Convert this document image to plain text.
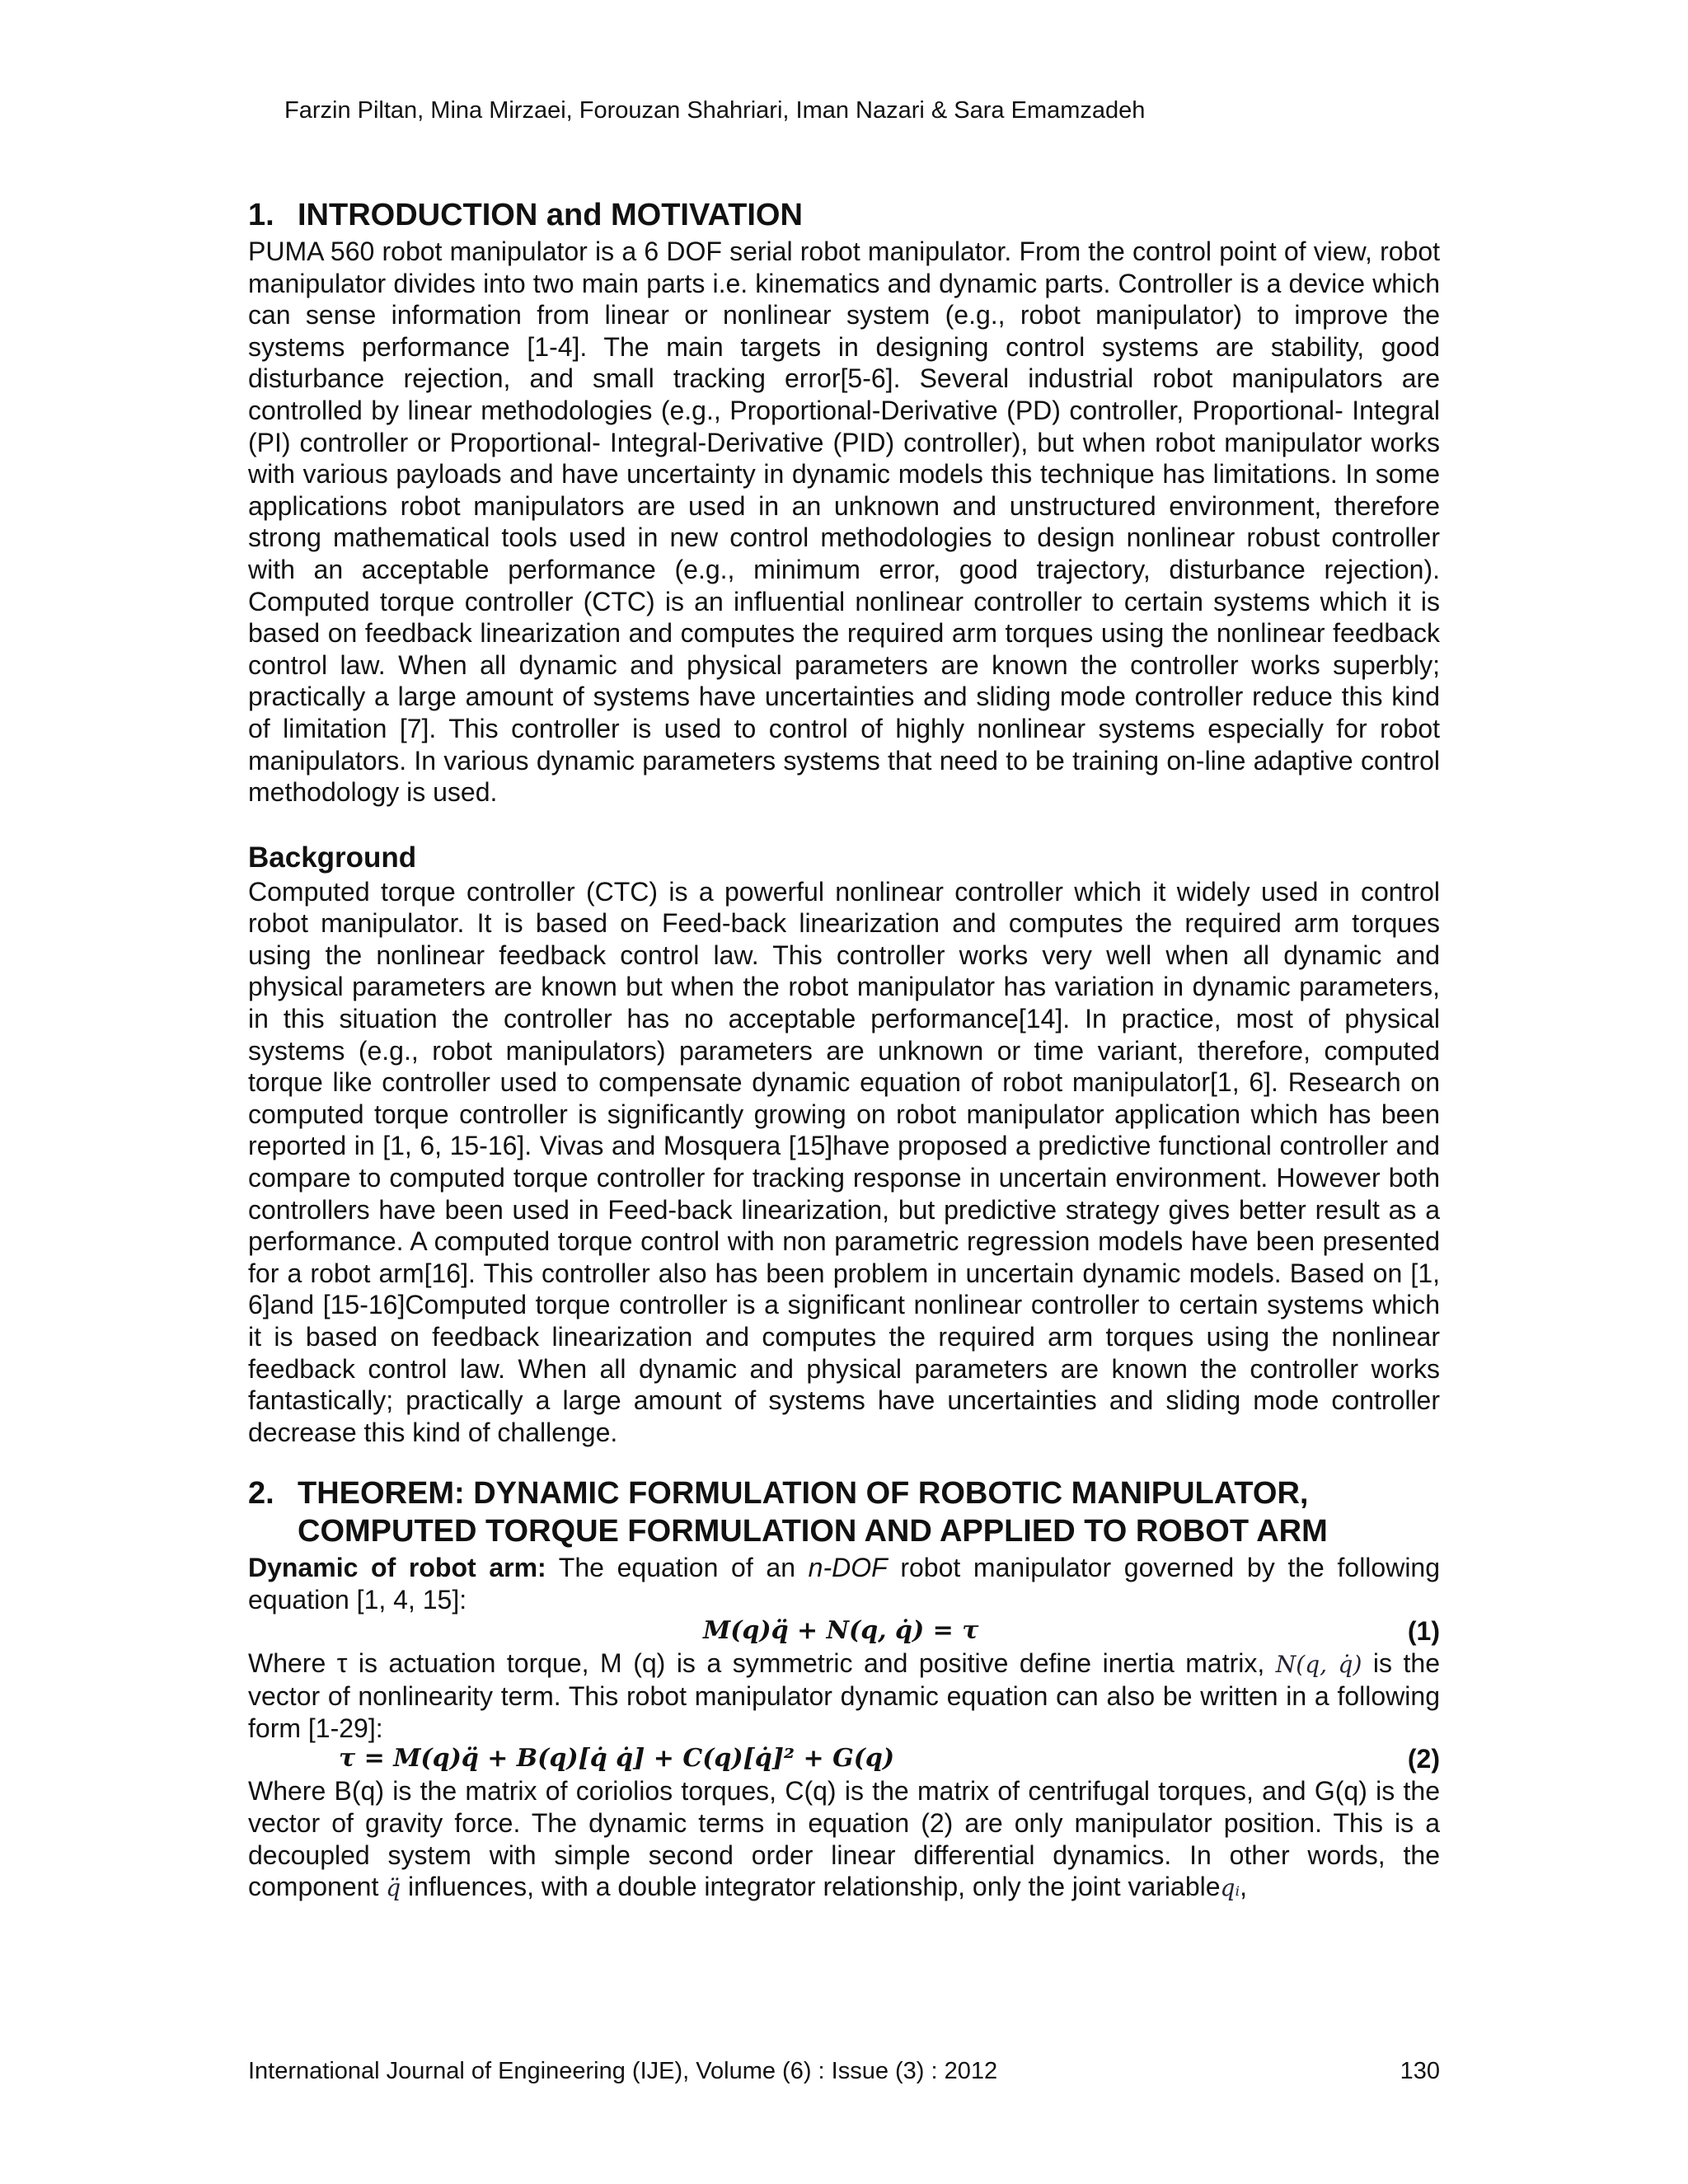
Farzin Piltan, Mina Mirzaei, Forouzan Shahriari, Iman Nazari & Sara Emamzadeh
1. INTRODUCTION and MOTIVATION

PUMA 560 robot manipulator is a 6 DOF serial robot manipulator. From the control point of view, robot manipulator divides into two main parts i.e. kinematics and dynamic parts. Controller is a device which can sense information from linear or nonlinear system (e.g., robot manipulator) to improve the systems performance [1-4]. The main targets in designing control systems are stability, good disturbance rejection, and small tracking error[5-6]. Several industrial robot manipulators are controlled by linear methodologies (e.g., Proportional-Derivative (PD) controller, Proportional- Integral (PI) controller or Proportional- Integral-Derivative (PID) controller), but when robot manipulator works with various payloads and have uncertainty in dynamic models this technique has limitations. In some applications robot manipulators are used in an unknown and unstructured environment, therefore strong mathematical tools used in new control methodologies to design nonlinear robust controller with an acceptable performance (e.g., minimum error, good trajectory, disturbance rejection). Computed torque controller (CTC) is an influential nonlinear controller to certain systems which it is based on feedback linearization and computes the required arm torques using the nonlinear feedback control law. When all dynamic and physical parameters are known the controller works superbly; practically a large amount of systems have uncertainties and sliding mode controller reduce this kind of limitation [7]. This controller is used to control of highly nonlinear systems especially for robot manipulators. In various dynamic parameters systems that need to be training on-line adaptive control methodology is used.

Background

Computed torque controller (CTC) is a powerful nonlinear controller which it widely used in control robot manipulator. It is based on Feed-back linearization and computes the required arm torques using the nonlinear feedback control law. This controller works very well when all dynamic and physical parameters are known but when the robot manipulator has variation in dynamic parameters, in this situation the controller has no acceptable performance[14]. In practice, most of physical systems (e.g., robot manipulators) parameters are unknown or time variant, therefore, computed torque like controller used to compensate dynamic equation of robot manipulator[1, 6]. Research on computed torque controller is significantly growing on robot manipulator application which has been reported in [1, 6, 15-16]. Vivas and Mosquera [15]have proposed a predictive functional controller and compare to computed torque controller for tracking response in uncertain environment. However both controllers have been used in Feed-back linearization, but predictive strategy gives better result as a performance. A computed torque control with non parametric regression models have been presented for a robot arm[16]. This controller also has been problem in uncertain dynamic models. Based on [1, 6]and [15-16]Computed torque controller is a significant nonlinear controller to certain systems which it is based on feedback linearization and computes the required arm torques using the nonlinear feedback control law. When all dynamic and physical parameters are known the controller works fantastically; practically a large amount of systems have uncertainties and sliding mode controller decrease this kind of challenge.

2. THEOREM: DYNAMIC FORMULATION OF ROBOTIC MANIPULATOR,
COMPUTED TORQUE FORMULATION AND APPLIED TO ROBOT ARM

Dynamic of robot arm: The equation of an n-DOF robot manipulator governed by the following equation [1, 4, 15]:

M(q)q̈ + N(q, q̇) = τ	(1)

Where τ is actuation torque, M (q) is a symmetric and positive define inertia matrix, N(q, q̇) is the vector of nonlinearity term. This robot manipulator dynamic equation can also be written in a following form [1-29]:

τ = M(q)q̈ + B(q)[q̇ q̇] + C(q)[q̇]² + G(q)	(2)

Where B(q) is the matrix of coriolios torques, C(q) is the matrix of centrifugal torques, and G(q) is the vector of gravity force. The dynamic terms in equation (2) are only manipulator position. This is a decoupled system with simple second order linear differential dynamics. In other words, the component q̈ influences, with a double integrator relationship, only the joint variableqᵢ,

International Journal of Engineering (IJE), Volume (6) : Issue (3) : 2012	130
